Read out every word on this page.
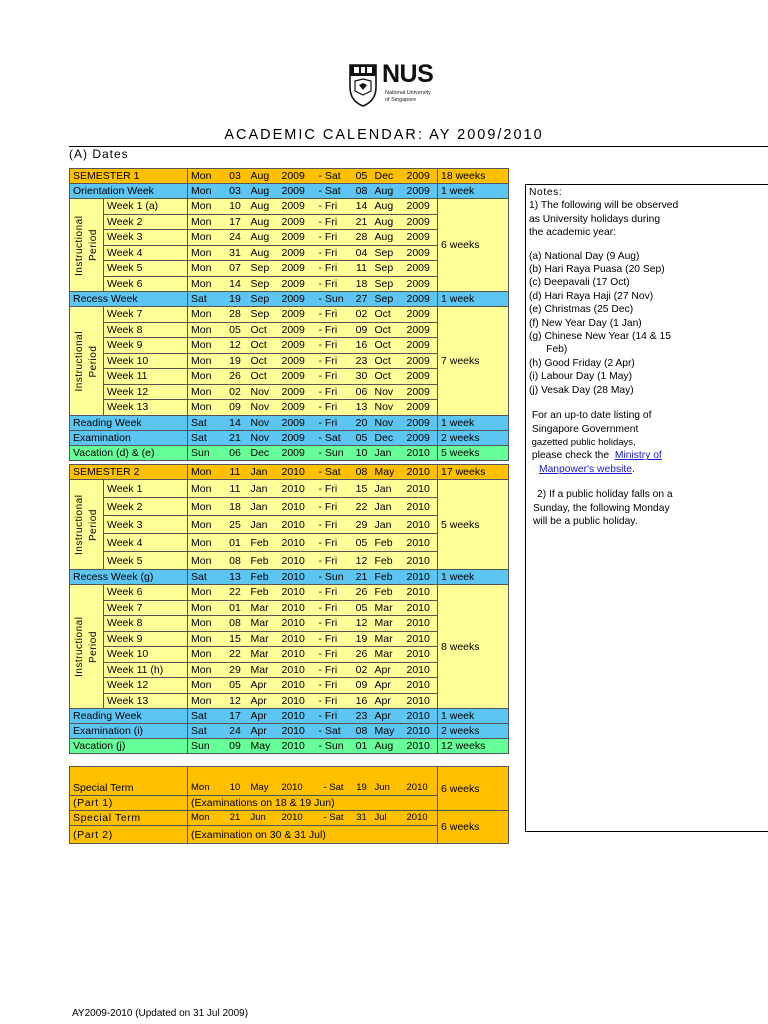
NUS
National University
of Singapore
ACADEMIC CALENDAR: AY 2009/2010
(A) Dates
SEMESTER 1		Mon	03	Aug	2009	- Sat	05	Dec	2009	18 weeks
Orientation Week		Mon	03	Aug	2009	- Sat	08	Aug	2009	1 week

Instructional Period	Week 1 (a)	Mon	10	Aug	2009	- Fri	14	Aug	2009	6 weeks
	Week 2	Mon	17	Aug	2009	- Fri	21	Aug	2009	
	Week 3	Mon	24	Aug	2009	- Fri	28	Aug	2009	
	Week 4	Mon	31	Aug	2009	- Fri	04	Sep	2009	
	Week 5	Mon	07	Sep	2009	- Fri	11	Sep	2009	
	Week 6	Mon	14	Sep	2009	- Fri	18	Sep	2009	
Recess Week		Sat	19	Sep	2009	- Sun	27	Sep	2009	1 week

Instructional Period	Week 7	Mon	28	Sep	2009	- Fri	02	Oct	2009	7 weeks
	Week 8	Mon	05	Oct	2009	- Fri	09	Oct	2009	
	Week 9	Mon	12	Oct	2009	- Fri	16	Oct	2009	
	Week 10	Mon	19	Oct	2009	- Fri	23	Oct	2009	
	Week 11	Mon	26	Oct	2009	- Fri	30	Oct	2009	
	Week 12	Mon	02	Nov	2009	- Fri	06	Nov	2009	
	Week 13	Mon	09	Nov	2009	- Fri	13	Nov	2009	
Reading Week		Sat	14	Nov	2009	- Fri	20	Nov	2009	1 week
Examination		Sat	21	Nov	2009	- Sat	05	Dec	2009	2 weeks
Vacation (d) & (e)		Sun	06	Dec	2009	- Sun	10	Jan	2010	5 weeks
SEMESTER 2		Mon	11	Jan	2010	- Sat	08	May	2010	17 weeks

Instructional Period	Week 1	Mon	11	Jan	2010	- Fri	15	Jan	2010	5 weeks
	Week 2	Mon	18	Jan	2010	- Fri	22	Jan	2010	
	Week 3	Mon	25	Jan	2010	- Fri	29	Jan	2010	
	Week 4	Mon	01	Feb	2010	- Fri	05	Feb	2010	
	Week 5	Mon	08	Feb	2010	- Fri	12	Feb	2010	
Recess Week (g)		Sat	13	Feb	2010	- Sun	21	Feb	2010	1 week

Instructional Period	Week 6	Mon	22	Feb	2010	- Fri	26	Feb	2010	8 weeks
	Week 7	Mon	01	Mar	2010	- Fri	05	Mar	2010	
	Week 8	Mon	08	Mar	2010	- Fri	12	Mar	2010	
	Week 9	Mon	15	Mar	2010	- Fri	19	Mar	2010	
	Week 10	Mon	22	Mar	2010	- Fri	26	Mar	2010	
	Week 11 (h)	Mon	29	Mar	2010	- Fri	02	Apr	2010	
	Week 12	Mon	05	Apr	2010	- Fri	09	Apr	2010	
	Week 13	Mon	12	Apr	2010	- Fri	16	Apr	2010	
Reading Week		Sat	17	Apr	2010	- Fri	23	Apr	2010	1 week
Examination (i)		Sat	24	Apr	2010	- Sat	08	May	2010	2 weeks
Vacation (j)		Sun	09	May	2010	- Sun	01	Aug	2010	12 weeks
Special Term	Mon	10	May	2010	- Sat	19	Jun	2010	6 weeks
(Part 1)	(Examinations on 18 & 19 Jun)								
Special Term	Mon	21	Jun	2010	- Sat	31	Jul	2010	6 weeks
(Part 2)	(Examination on 30 & 31 Jul)								
Notes:
1) The following will be observed
as University holidays during
the academic year:
(a) National Day (9 Aug)
(b) Hari Raya Puasa (20 Sep)
(c) Deepavali (17 Oct)
(d) Hari Raya Haji (27 Nov)
(e) Christmas (25 Dec)
(f) New Year Day (1 Jan)
(g) Chinese New Year (14 & 15
Feb)
(h) Good Friday (2 Apr)
(i) Labour Day (1 May)
(j) Vesak Day (28 May)
For an up-to date listing of
Singapore Government
gazetted public holidays,
please check the  Ministry of
Manpower's website.
2) If a public holiday falls on a
Sunday, the following Monday
will be a public holiday.
AY2009-2010 (Updated on 31 Jul 2009)
